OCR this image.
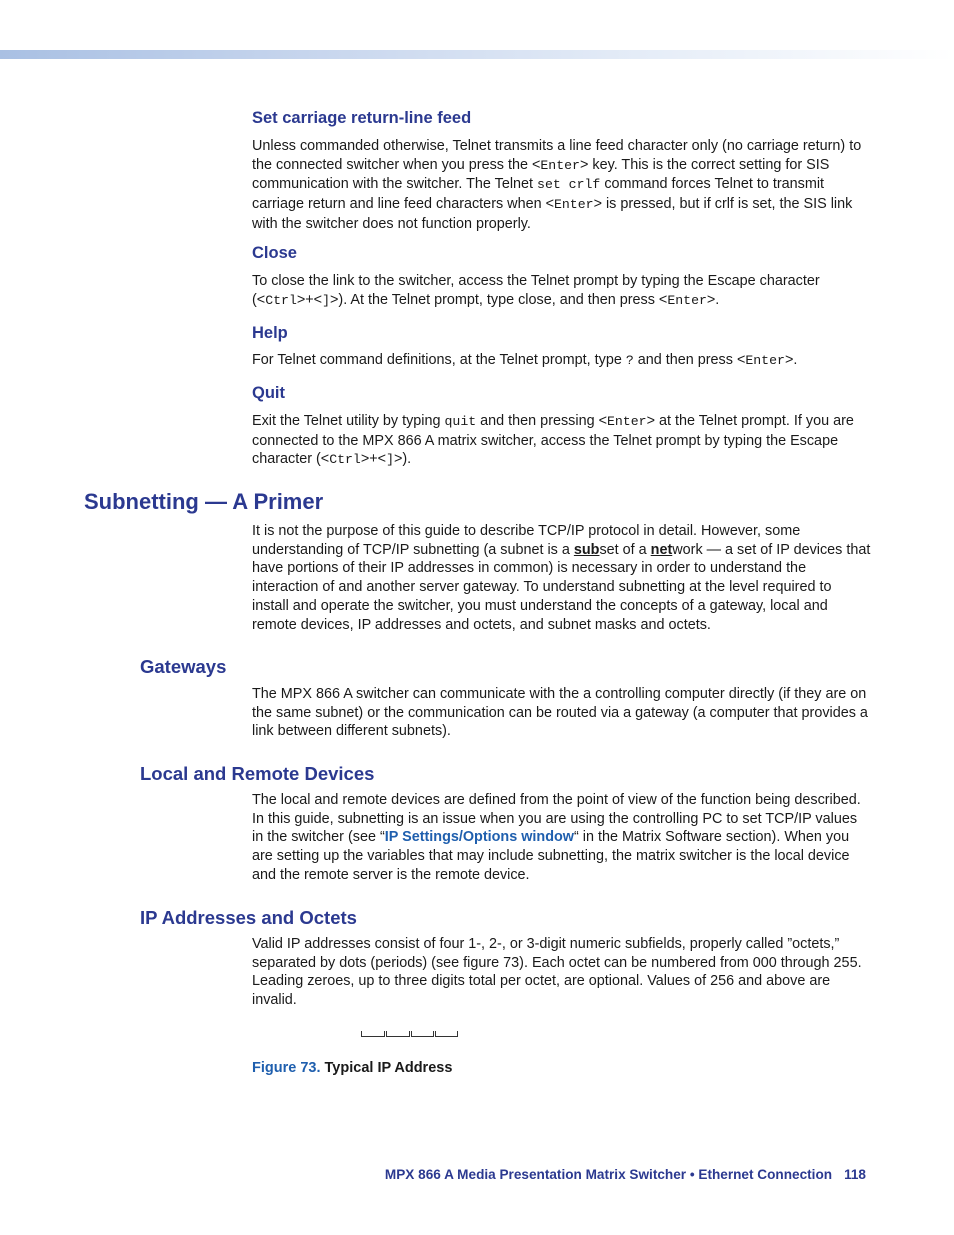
Set carriage return-line feed

Unless commanded otherwise, Telnet transmits a line feed character only (no carriage return) to the connected switcher when you press the <Enter> key. This is the correct setting for SIS communication with the switcher. The Telnet set crlf command forces Telnet to transmit carriage return and line feed characters when <Enter> is pressed, but if crlf is set, the SIS link with the switcher does not function properly.

Close

To close the link to the switcher, access the Telnet prompt by typing the Escape character (<Ctrl>+<]>). At the Telnet prompt, type close, and then press <Enter>.

Help

For Telnet command definitions, at the Telnet prompt, type ? and then press <Enter>.

Quit

Exit the Telnet utility by typing quit and then pressing <Enter> at the Telnet prompt. If you are connected to the MPX 866 A matrix switcher, access the Telnet prompt by typing the Escape character (<Ctrl>+<]>).

Subnetting — A Primer

It is not the purpose of this guide to describe TCP/IP protocol in detail. However, some understanding of TCP/IP subnetting (a subnet is a subset of a network — a set of IP devices that have portions of their IP addresses in common) is necessary in order to understand the interaction of and another server gateway. To understand subnetting at the level required to install and operate the switcher, you must understand the concepts of a gateway, local and remote devices, IP addresses and octets, and subnet masks and octets.

Gateways

The MPX 866 A switcher can communicate with the a controlling computer directly (if they are on the same subnet) or the communication can be routed via a gateway (a computer that provides a link between different subnets).

Local and Remote Devices

The local and remote devices are defined from the point of view of the function being described. In this guide, subnetting is an issue when you are using the controlling PC to set TCP/IP values in the switcher (see “IP Settings/Options window“ in the Matrix Software section). When you are setting up the variables that may include subnetting, the matrix switcher is the local device and the remote server is the remote device.

IP Addresses and Octets

Valid IP addresses consist of four 1-, 2-, or 3-digit numeric subfields, properly called ”octets,” separated by dots (periods) (see figure 73). Each octet can be numbered from 000 through 255. Leading zeroes, up to three digits total per octet, are optional. Values of 256 and above are invalid.

Figure 73. Typical IP Address

MPX 866 A Media Presentation Matrix Switcher • Ethernet Connection 118
